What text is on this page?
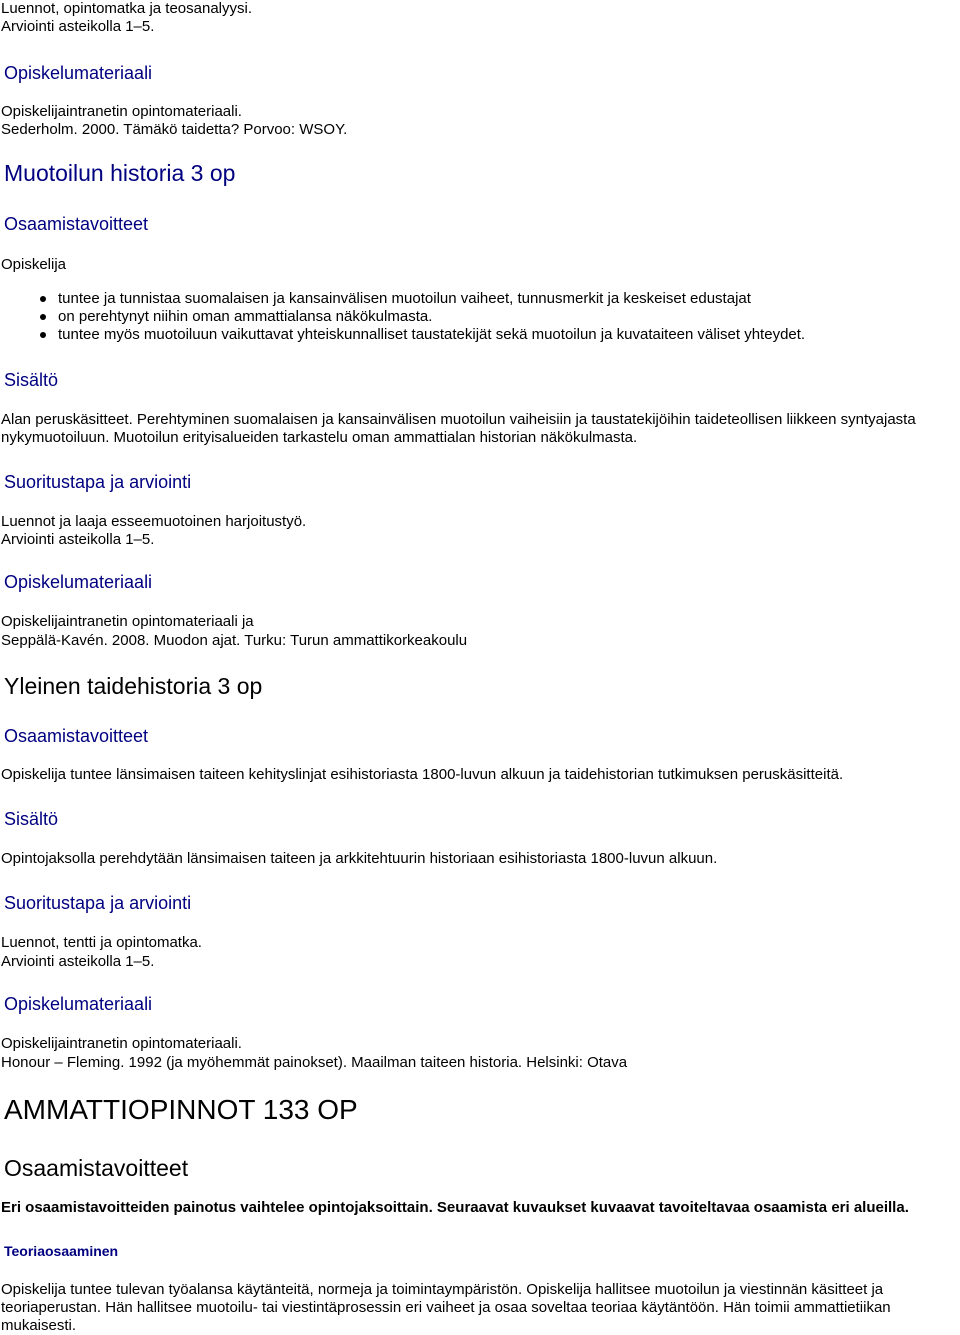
Luennot, opintomatka ja teosanalyysi.

Arviointi asteikolla 1–5.

Opiskelumateriaali

Opiskelijaintranetin opintomateriaali.

Sederholm. 2000. Tämäkö taidetta? Porvoo: WSOY.

Muotoilun historia 3 op

Osaamistavoitteet

Opiskelija

tuntee ja tunnistaa suomalaisen ja kansainvälisen muotoilun vaiheet, tunnusmerkit ja keskeiset edustajat
on perehtynyt niihin oman ammattialansa näkökulmasta.
tuntee myös muotoiluun vaikuttavat yhteiskunnalliset taustatekijät sekä muotoilun ja kuvataiteen väliset yhteydet.

Sisältö

Alan peruskäsitteet. Perehtyminen suomalaisen ja kansainvälisen muotoilun vaiheisiin ja taustatekijöihin taideteollisen liikkeen syntyajasta

nykymuotoiluun. Muotoilun erityisalueiden tarkastelu oman ammattialan historian näkökulmasta.

Suoritustapa ja arviointi

Luennot ja laaja esseemuotoinen harjoitustyö.

Arviointi asteikolla 1–5.

Opiskelumateriaali

Opiskelijaintranetin opintomateriaali ja

Seppälä-Kavén. 2008. Muodon ajat. Turku: Turun ammattikorkeakoulu

Yleinen taidehistoria 3 op

Osaamistavoitteet

Opiskelija tuntee länsimaisen taiteen kehityslinjat esihistoriasta 1800-luvun alkuun ja taidehistorian tutkimuksen peruskäsitteitä.

Sisältö

Opintojaksolla perehdytään länsimaisen taiteen ja arkkitehtuurin historiaan esihistoriasta 1800-luvun alkuun.

Suoritustapa ja arviointi

Luennot, tentti ja opintomatka.

Arviointi asteikolla 1–5.

Opiskelumateriaali

Opiskelijaintranetin opintomateriaali.

Honour – Fleming. 1992 (ja myöhemmät painokset). Maailman taiteen historia. Helsinki: Otava

AMMATTIOPINNOT 133 OP

Osaamistavoitteet

Eri osaamistavoitteiden painotus vaihtelee opintojaksoittain. Seuraavat kuvaukset kuvaavat tavoiteltavaa osaamista eri alueilla.

Teoriaosaaminen

Opiskelija tuntee tulevan työalansa käytänteitä, normeja ja toimintaympäristön. Opiskelija hallitsee muotoilun ja viestinnän käsitteet ja teoriaperustan. Hän hallitsee muotoilu- tai viestintäprosessin eri vaiheet ja osaa soveltaa teoriaa käytäntöön. Hän toimii ammattietiikan mukaisesti.
